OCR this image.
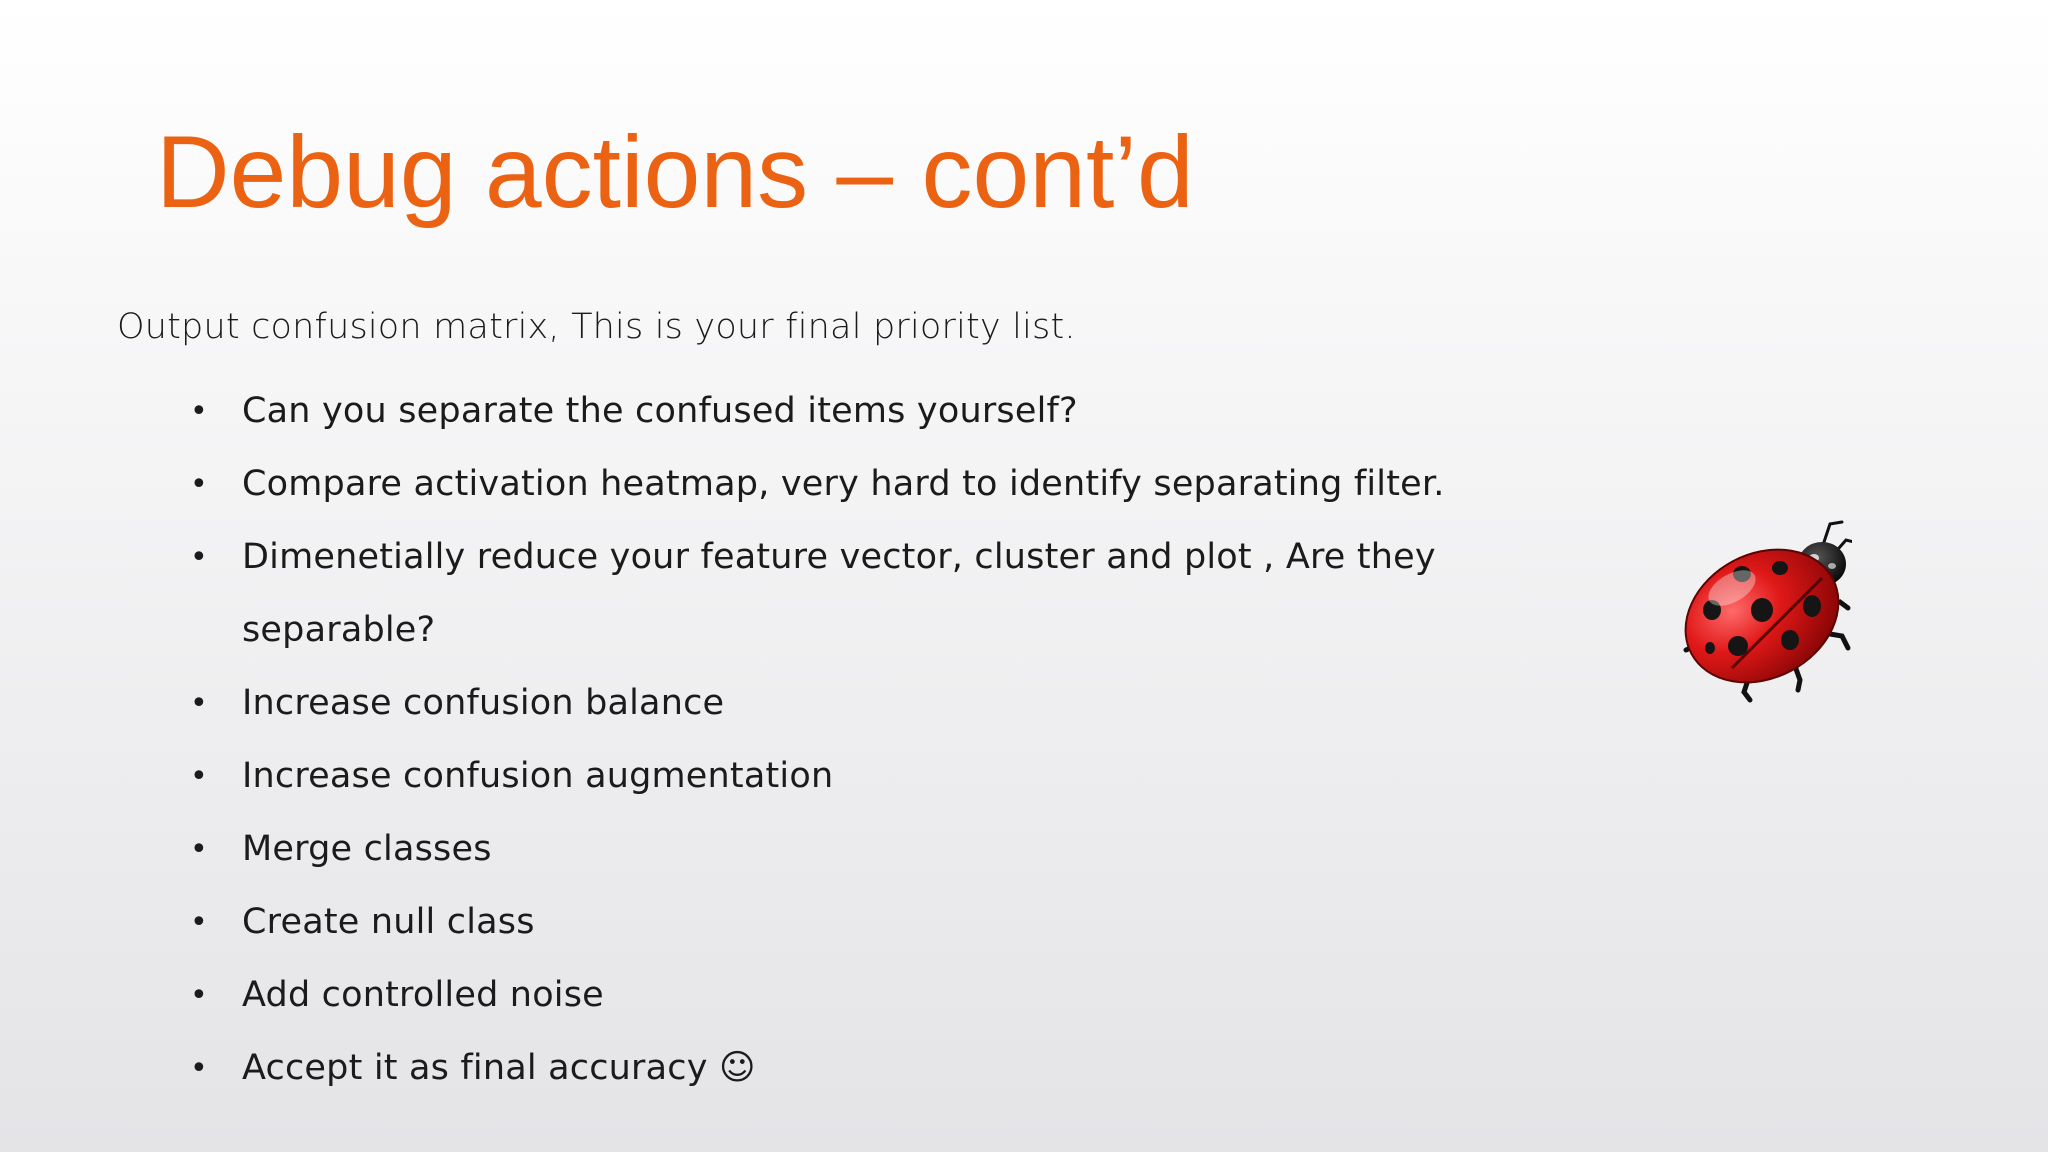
Debug actions – cont’d
Output confusion matrix, This is your final priority list.
• Can you separate the confused items yourself?
• Compare activation heatmap, very hard to identify separating filter.
• Dimenetially reduce your feature vector, cluster and plot , Are they
separable?
• Increase confusion balance
• Increase confusion augmentation
• Merge classes
• Create null class
• Add controlled noise
• Accept it as final accuracy ☺
